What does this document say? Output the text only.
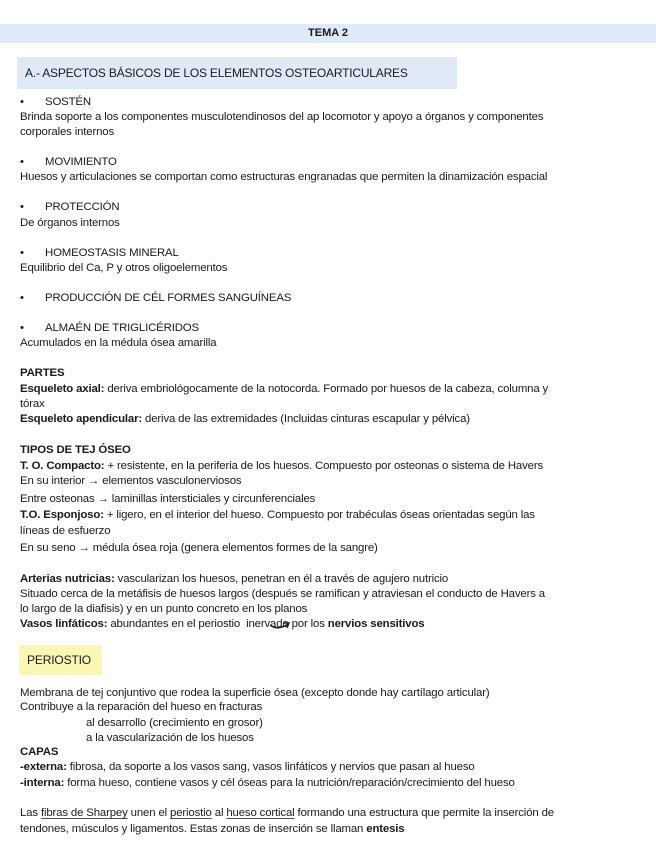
TEMA 2
A.- ASPECTOS BÁSICOS DE LOS ELEMENTOS OSTEOARTICULARES
• SOSTÉN
Brinda soporte a los componentes musculotendinosos del ap locomotor y apoyo a órganos y componentes
corporales internos
• MOVIMIENTO
Huesos y articulaciones se comportan como estructuras engranadas que permiten la dinamización espacial
• PROTECCIÓN
De órganos internos
• HOMEOSTASIS MINERAL
Equilibrio del Ca, P y otros oligoelementos
• PRODUCCIÓN DE CÉL FORMES SANGUÍNEAS
• ALMAÉN DE TRIGLICÉRIDOS
Acumulados en la médula ósea amarilla
PARTES
Esqueleto axial: deriva embriológocamente de la notocorda. Formado por huesos de la cabeza, columna y
tórax
Esqueleto apendicular: deriva de las extremidades (Incluidas cinturas escapular y pélvica)
TIPOS DE TEJ ÓSEO
T. O. Compacto: + resistente, en la periferia de los huesos. Compuesto por osteonas o sistema de Havers
En su interior → elementos vasculonerviosos
Entre osteonas → laminillas intersticiales y circunferenciales
T.O. Esponjoso: + ligero, en el interior del hueso. Compuesto por trabéculas óseas orientadas según las
líneas de esfuerzo
En su seno → médula ósea roja (genera elementos formes de la sangre)
Arterias nutricias: vascularizan los huesos, penetran en él a través de agujero nutricio
Situado cerca de la metáfisis de huesos largos (después se ramifican y atraviesan el conducto de Havers a
lo largo de la diafisis) y en un punto concreto en los planos
Vasos linfáticos: abundantes en el periostio inervado por los nervios sensitivos
PERIOSTIO
Membrana de tej conjuntivo que rodea la superficie ósea (excepto donde hay cartílago articular)
Contribuye a la reparación del hueso en fracturas
al desarrollo (crecimiento en grosor)
a la vascularización de los huesos
CAPAS
-externa: fibrosa, da soporte a los vasos sang, vasos linfáticos y nervios que pasan al hueso
-interna: forma hueso, contiene vasos y cél óseas para la nutrición/reparación/crecimiento del hueso
Las fibras de Sharpey unen el periostio al hueso cortical formando una estructura que permite la inserción de
tendones, músculos y ligamentos. Estas zonas de inserción se llaman entesis
